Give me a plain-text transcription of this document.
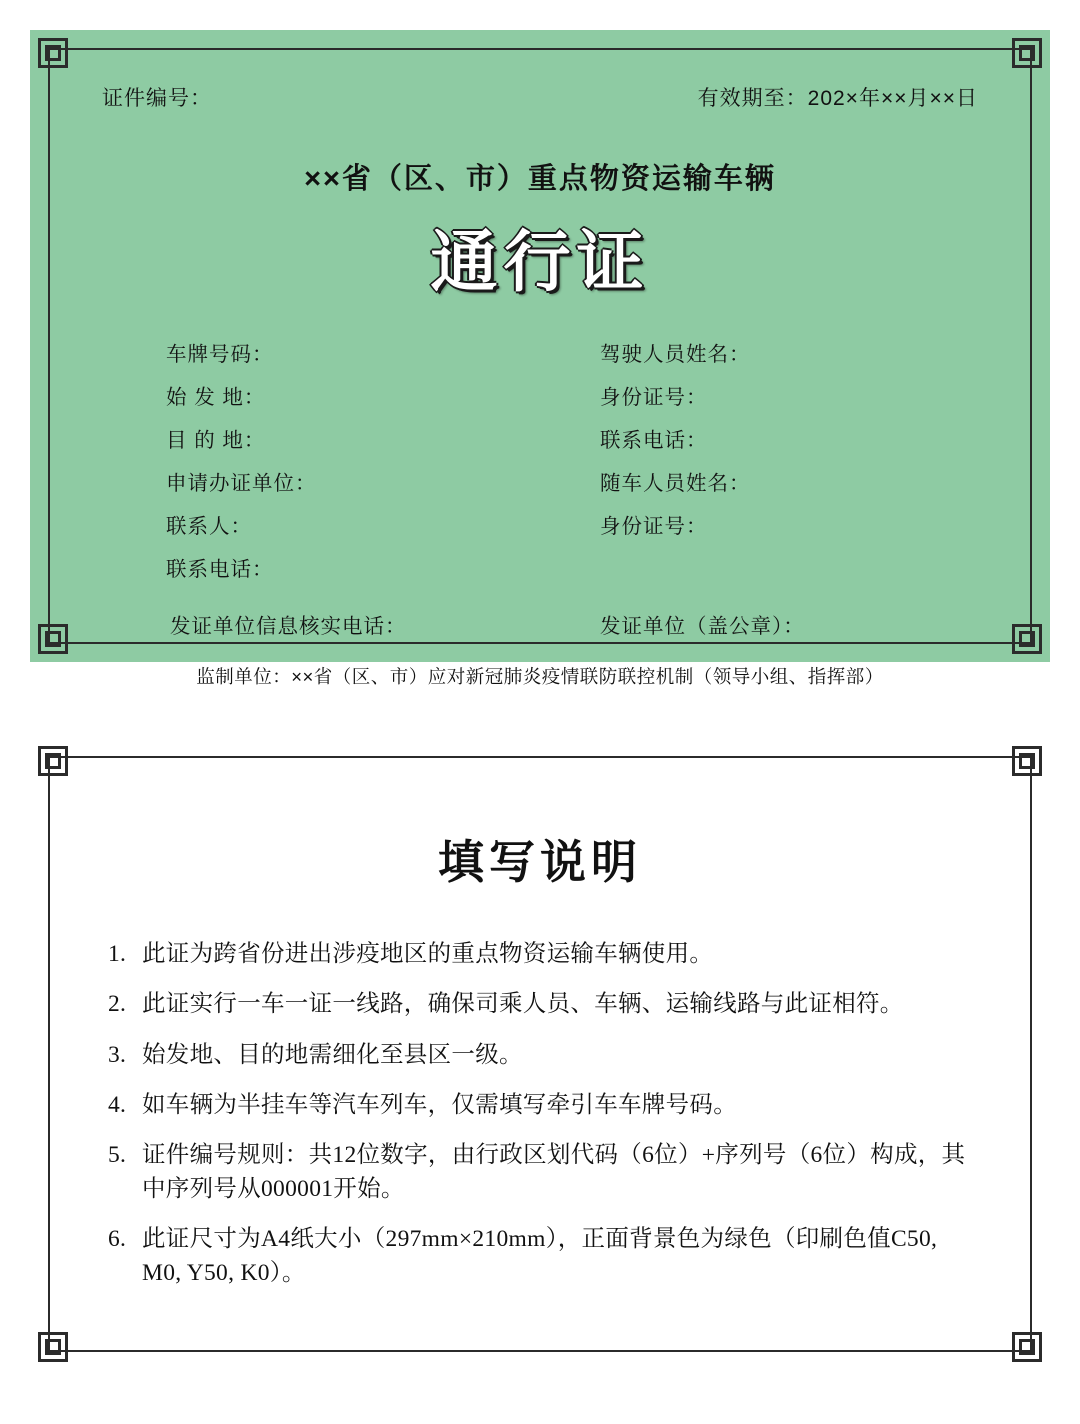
证件编号：	有效期至：202×年××月××日
××省（区、市）重点物资运输车辆
通行证
车牌号码：
始 发 地：
目 的 地：
申请办证单位：
联系人：
联系电话：
驾驶人员姓名：
身份证号：
联系电话：
随车人员姓名：
身份证号：
发证单位信息核实电话：	发证单位（盖公章）：
监制单位：××省（区、市）应对新冠肺炎疫情联防联控机制（领导小组、指挥部）
填写说明
1. 此证为跨省份进出涉疫地区的重点物资运输车辆使用。
2. 此证实行一车一证一线路，确保司乘人员、车辆、运输线路与此证相符。
3. 始发地、目的地需细化至县区一级。
4. 如车辆为半挂车等汽车列车，仅需填写牵引车车牌号码。
5. 证件编号规则：共12位数字，由行政区划代码（6位）+序列号（6位）构成，其中序列号从000001开始。
6. 此证尺寸为A4纸大小（297mm×210mm），正面背景色为绿色（印刷色值C50, M0, Y50, K0）。
